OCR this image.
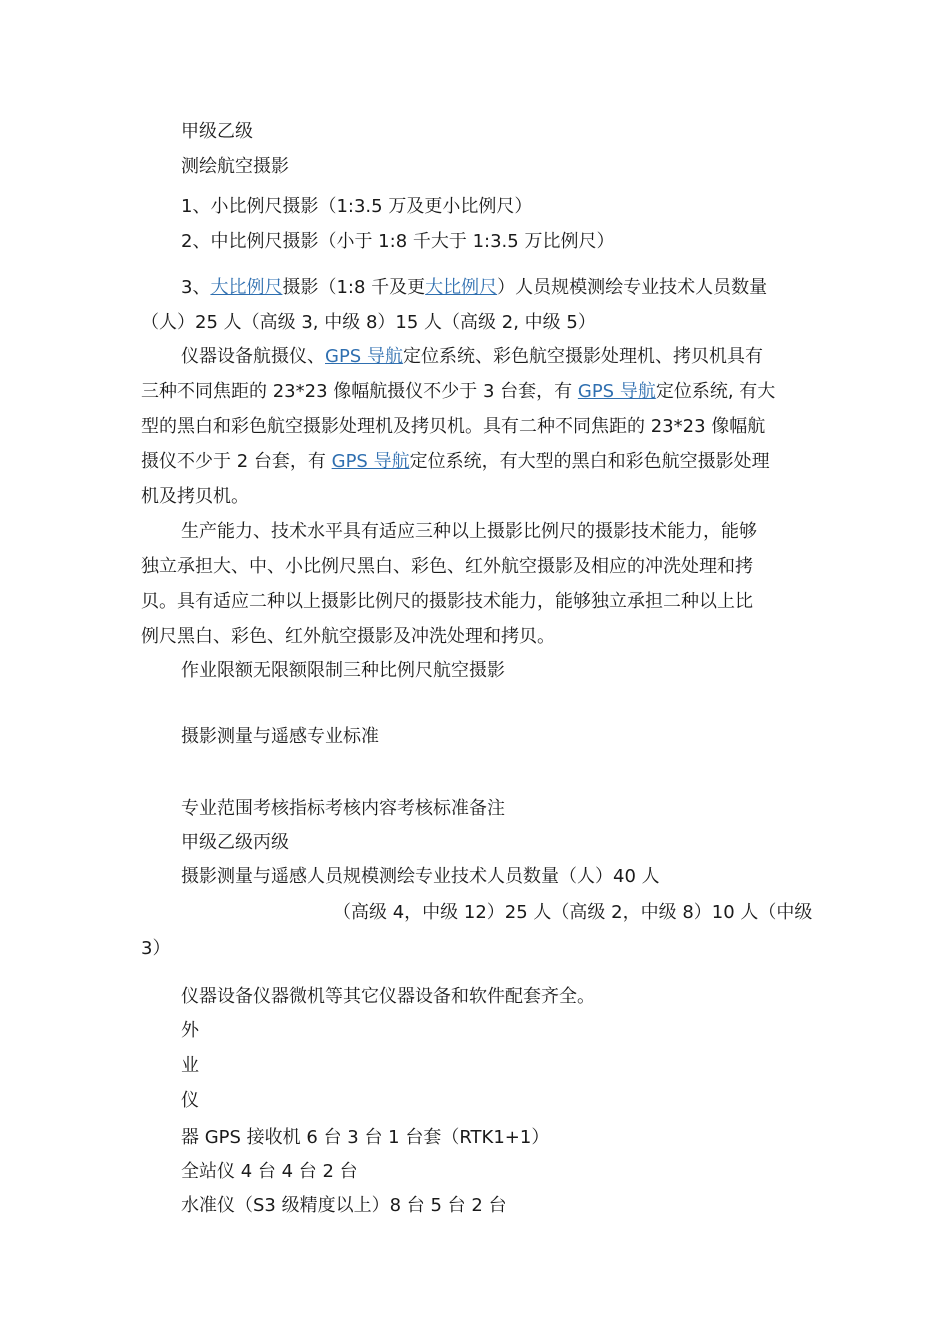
甲级乙级
测绘航空摄影
1、小比例尺摄影（1:3.5 万及更小比例尺）
2、中比例尺摄影（小于 1:8 千大于 1:3.5 万比例尺）
3、大比例尺摄影（1:8 千及更大比例尺）人员规模测绘专业技术人员数量
（人）25 人（高级 3, 中级 8）15 人（高级 2, 中级 5）
仪器设备航摄仪、GPS 导航定位系统、彩色航空摄影处理机、拷贝机具有
三种不同焦距的 23*23 像幅航摄仪不少于 3 台套，有 GPS 导航定位系统, 有大
型的黑白和彩色航空摄影处理机及拷贝机。具有二种不同焦距的 23*23 像幅航
摄仪不少于 2 台套，有 GPS 导航定位系统，有大型的黑白和彩色航空摄影处理
机及拷贝机。
生产能力、技术水平具有适应三种以上摄影比例尺的摄影技术能力，能够
独立承担大、中、小比例尺黑白、彩色、红外航空摄影及相应的冲洗处理和拷
贝。具有适应二种以上摄影比例尺的摄影技术能力，能够独立承担二种以上比
例尺黑白、彩色、红外航空摄影及冲洗处理和拷贝。
作业限额无限额限制三种比例尺航空摄影
摄影测量与遥感专业标准
专业范围考核指标考核内容考核标准备注
甲级乙级丙级
摄影测量与遥感人员规模测绘专业技术人员数量（人）40 人
（高级 4，中级 12）25 人（高级 2，中级 8）10 人（中级
3）
仪器设备仪器微机等其它仪器设备和软件配套齐全。
外
业
仪
器 GPS 接收机 6 台 3 台 1 台套（RTK1+1）
全站仪 4 台 4 台 2 台
水准仪（S3 级精度以上）8 台 5 台 2 台
